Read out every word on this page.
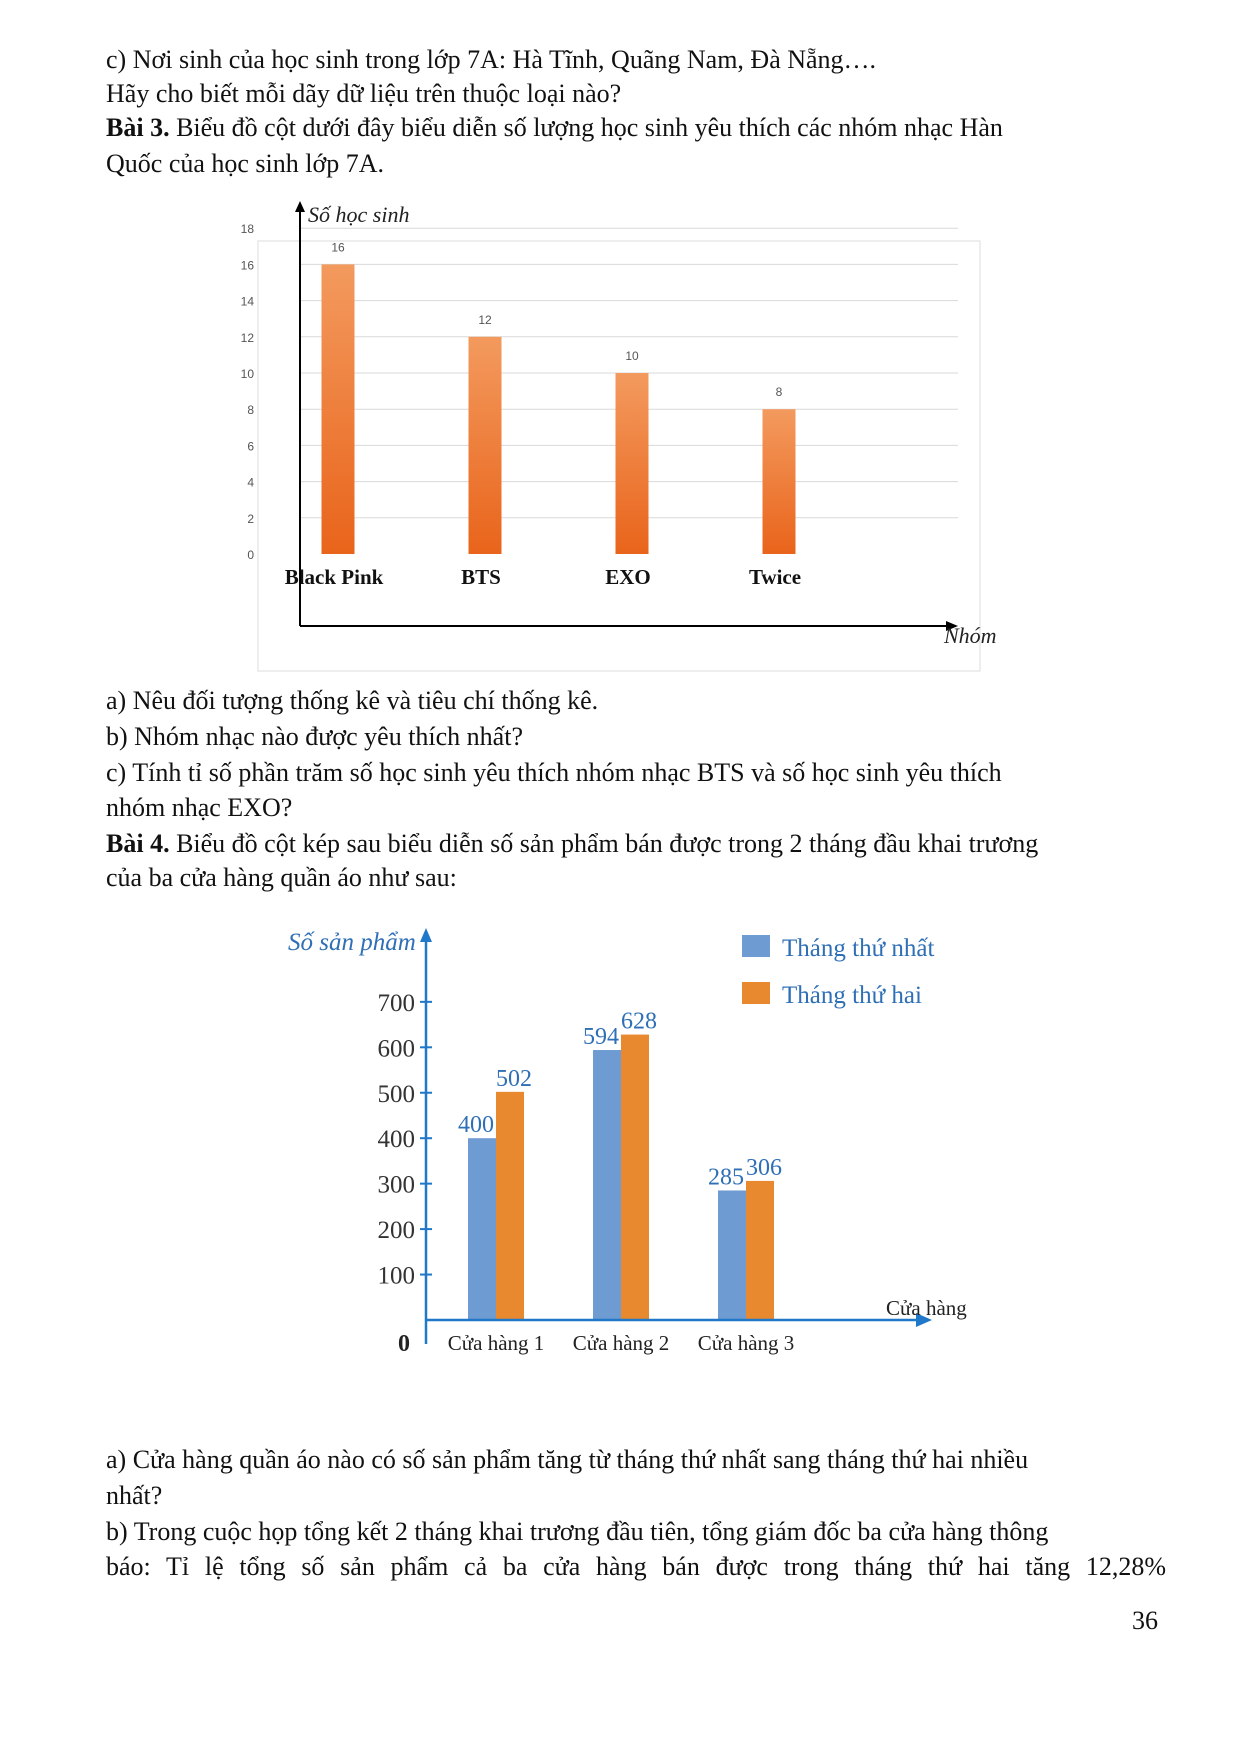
c) Nơi sinh của học sinh trong lớp 7A: Hà Tĩnh, Quãng Nam, Đà Nẵng….
Hãy cho biết mỗi dãy dữ liệu trên thuộc loại nào?
Bài 3. Biểu đồ cột dưới đây biểu diễn số lượng học sinh yêu thích các nhóm nhạc Hàn
Quốc của học sinh lớp 7A.
0
2
4
6
8
10
12
14
16
18
16
12
10
8
Black Pink	BTS	EXO	Twice
Số học sinh
Nhóm
a) Nêu đối tượng thống kê và tiêu chí thống kê.
b) Nhóm nhạc nào được yêu thích nhất?
c) Tính tỉ số phần trăm số học sinh yêu thích nhóm nhạc BTS và số học sinh yêu thích
nhóm nhạc EXO?
Bài 4. Biểu đồ cột kép sau biểu diễn số sản phẩm bán được trong 2 tháng đầu khai trương
của ba cửa hàng quần áo như sau:
400
502
594
628
285 306
100
200
300
400
500
600
700
Cửa hàng 1 Cửa hàng 2 Cửa hàng 3
Số sản phẩm
Cửa hàng
0
Tháng thứ nhất
Tháng thứ hai
a) Cửa hàng quần áo nào có số sản phẩm tăng từ tháng thứ nhất sang tháng thứ hai nhiều
nhất?
b) Trong cuộc họp tổng kết 2 tháng khai trương đầu tiên, tổng giám đốc ba cửa hàng thông
báo: Tỉ lệ tổng số sản phẩm cả ba cửa hàng bán được trong tháng thứ hai tăng 12,28%
36
